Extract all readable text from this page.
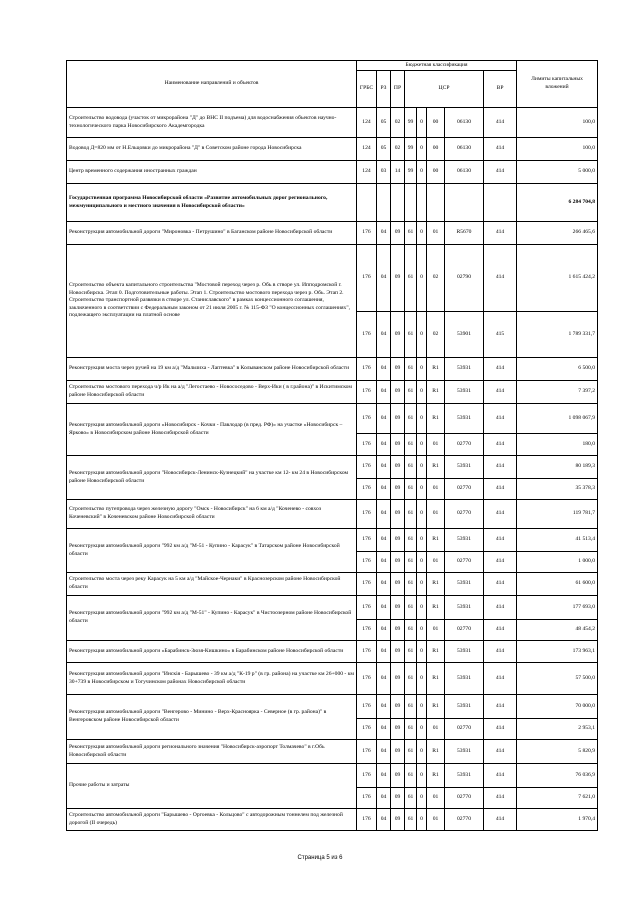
Наименование направлений и объектов	Бюджетная классификация								Лимиты капитальных вложений
	ГРБС	РЗ	ПР	ЦСР				ВР	
Строительство водовода (участок от микрорайона "Д" до ВНС II подъема) для водоснабжения объектов научно-технологического парка Новосибирского Академгородка	124	05	02	99	0	00	06130	414	100,0
Водовод Д=820 мм от Н.Ельцовки до микрорайона "Д" в Советском районе города Новосибирска	124	05	02	99	0	00	06130	414	100,0
Центр временного содержания иностранных граждан	124	03	14	99	0	00	06130	414	5 000,0
Государственная программа Новосибирской области «Развитие автомобильных дорог регионального, межмуниципального и местного значения в Новосибирской области»									6 284 704,8
Реконструкция автомобильной дороги "Мироновка - Петрушино" в Баганском районе Новосибирской области	176	04	09	61	0	01	R5670	414	266 465,6
Строительство объекта капитального строительства "Мостовой переход через р. Обь в створе ул. Ипподромской г. Новосибирска. Этап 0. Подготовительные работы. Этап 1. Строительство мостового перехода через р. Обь. Этап 2. Строительство транспортной развязки в створе ул. Станиславского" в рамках концессионного соглашения, заключенного в соответствии с Федеральным законом от 21 июля 2005 г. № 115-ФЗ "О концессионных соглашениях", подлежащего эксплуатации на платной основе	176	04	09	61	0	02	02790	414	1 615 424,2
	176	04	09	61	0	02	53901	415	1 789 331,7
Реконструкция моста через ручей на 19 км а/д "Мальчиха - Лаптевка" в Колыванском районе Новосибирской области	176	04	09	61	0	R1	53931	414	6 500,0
Строительство мостового перехода ч/р Ик на а/д "Легостаево - Новососедово - Верх-Ики ( в г.района)" в Искитимском районе Новосибирской области	176	04	09	61	0	R1	53931	414	7 397,2
Реконструкция автомобильной дороги «Новосибирск - Кочки - Павлодар (в пред. РФ)» на участке «Новосибирск – Ярково» в Новосибирском районе Новосибирской области	176	04	09	61	0	R1	53931	414	1 098 067,9
	176	04	09	61	0	01	02770	414	180,0
Реконструкция автомобильной дороги "Новосибирск-Ленинск-Кузнецкий" на участке км 12- км 24 в Новосибирском районе Новосибирской области	176	04	09	61	0	R1	53931	414	80 189,3
	176	04	09	61	0	01	02770	414	35 378,3
Строительство путепровода через железную дорогу "Омск - Новосибирск" на 6 км а/д "Коченево - совхоз Коченевский" в Коченевском районе Новосибирской области	176	04	09	61	0	01	02770	414	119 781,7
Реконструкция автомобильной дороги "992 км а/д "М-51 - Купино - Карасук" в Татарском районе Новосибирской области	176	04	09	61	0	R1	53931	414	41 513,4
	176	04	09	61	0	01	02770	414	1 000,0
Строительство моста через реку Карасук на 5 км а/д "Майское-Чернаки" в Краснозерском районе Новосибирской области	176	04	09	61	0	R1	53931	414	61 600,0
Реконструкция автомобильной дороги "992 км а/д "М-51" - Купино - Карасук" в Чистоозерном районе Новосибирской области	176	04	09	61	0	R1	53931	414	177 693,0
	176	04	09	61	0	01	02770	414	48 454,2
Реконструкция автомобильной дороги «Барабинск-Зюзя-Кишкино» в Барабинском районе Новосибирской области	176	04	09	61	0	R1	53931	414	173 963,1
Реконструкция автомобильной дороги "Инскія - Барышево - 39 км а/д "К-19 р" (в гр. района) на участке км 26+000 - км 30+739 в Новосибирском и Тогучинском районах Новосибирской области	176	04	09	61	0	R1	53931	414	57 500,0
Реконструкция автомобильной дороги "Венгерово - Минино - Верх-Красноярка - Северное (в гр. района)" в Венгеровском районе Новосибирской области	176	04	09	61	0	R1	53931	414	70 000,0
	176	04	09	61	0	01	02770	414	2 953,1
Реконструкция автомобильной дороги регионального значения "Новосибирск-аэропорт Толмачево" в г.Обь Новосибирской области	176	04	09	61	0	R1	53931	414	5 820,9
Прочие работы и затраты	176	04	09	61	0	R1	53931	414	76 036,9
	176	04	09	61	0	01	02770	414	7 621,0
Строительство автомобильной дороги "Барышево - Оргоевка - Кольцово" с автодорожным тоннелем под железной дорогой (II очередь)	176	04	09	61	0	01	02770	414	1 970,4
Страница 5 из 6
